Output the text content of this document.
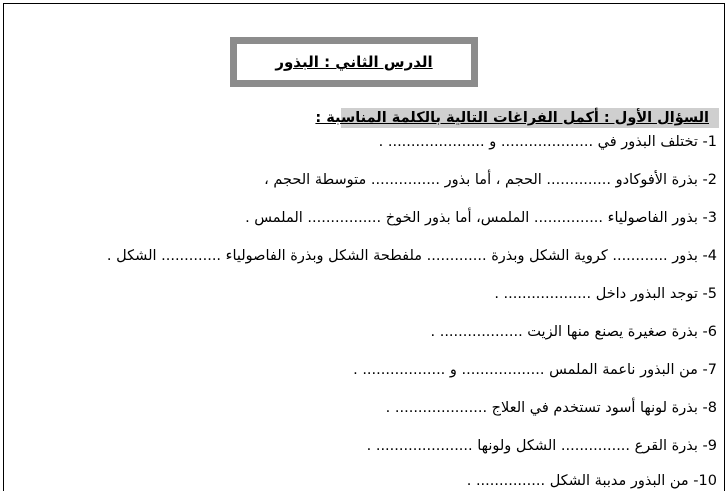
الدرس الثاني : البذور
السؤال الأول : أكمل الفراغات التالية بالكلمة المناسبة :
1- تختلف البذور في .................... و ..................... .
2- بذرة الأفوكادو .............. الحجم ، أما بذور ............... متوسطة الحجم ،
3- بذور الفاصولياء ............... الملمس، أما بذور الخوخ ................ الملمس .
4- بذور ............ كروية الشكل وبذرة ............. ملفطحة الشكل وبذرة الفاصولياء ............. الشكل .
5- توجد البذور داخل ................... .
6- بذرة صغيرة يصنع منها الزيت .................. .
7- من البذور ناعمة الملمس .................. و .................. .
8- بذرة لونها أسود تستخدم في العلاج .................... .
9- بذرة القرع ............... الشكل ولونها ..................... .
10- من البذور مدببة الشكل ............... .
